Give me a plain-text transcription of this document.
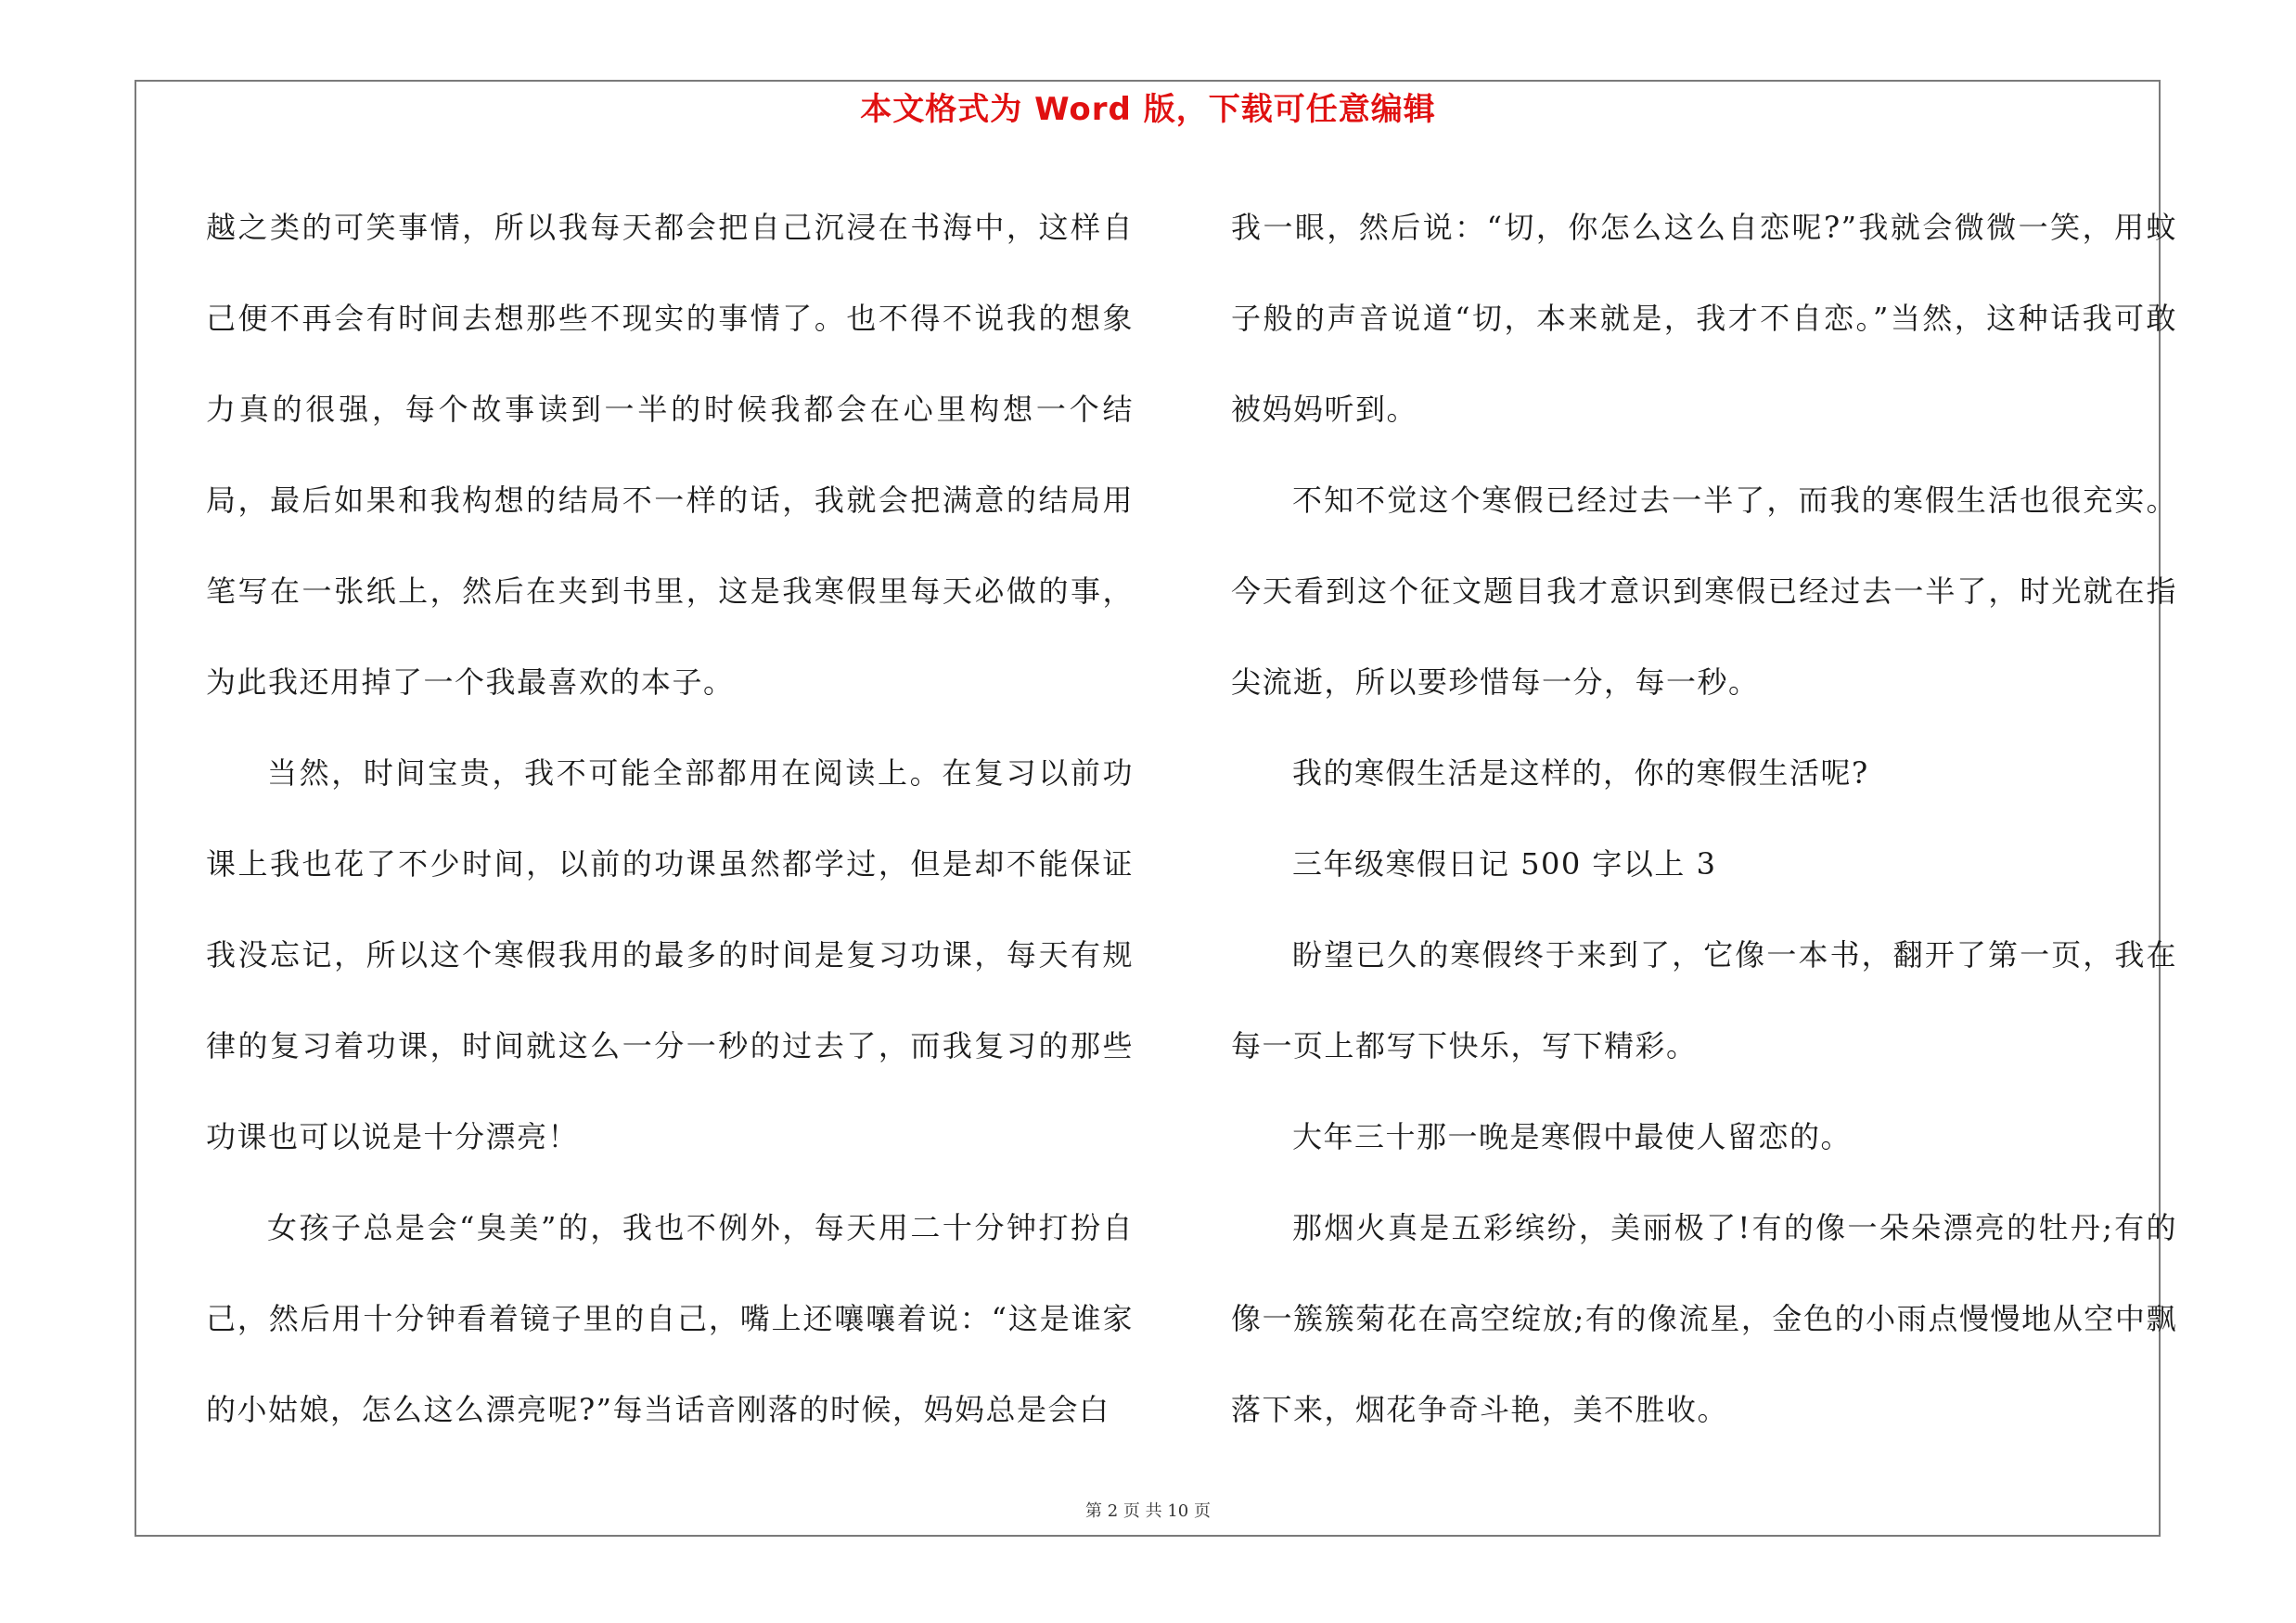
本文格式为 Word 版，下载可任意编辑

越之类的可笑事情，所以我每天都会把自己沉浸在书海中，这样自己便不再会有时间去想那些不现实的事情了。也不得不说我的想象力真的很强，每个故事读到一半的时候我都会在心里构想一个结局，最后如果和我构想的结局不一样的话，我就会把满意的结局用笔写在一张纸上，然后在夹到书里，这是我寒假里每天必做的事，为此我还用掉了一个我最喜欢的本子。

当然，时间宝贵，我不可能全部都用在阅读上。在复习以前功课上我也花了不少时间，以前的功课虽然都学过，但是却不能保证我没忘记，所以这个寒假我用的最多的时间是复习功课，每天有规律的复习着功课，时间就这么一分一秒的过去了，而我复习的那些功课也可以说是十分漂亮！

女孩子总是会“臭美”的，我也不例外，每天用二十分钟打扮自己，然后用十分钟看着镜子里的自己，嘴上还嚷嚷着说：“这是谁家的小姑娘，怎么这么漂亮呢?”每当话音刚落的时候，妈妈总是会白

我一眼，然后说：“切，你怎么这么自恋呢?”我就会微微一笑，用蚊子般的声音说道“切，本来就是，我才不自恋。”当然，这种话我可敢被妈妈听到。

不知不觉这个寒假已经过去一半了，而我的寒假生活也很充实。今天看到这个征文题目我才意识到寒假已经过去一半了，时光就在指尖流逝，所以要珍惜每一分，每一秒。

我的寒假生活是这样的，你的寒假生活呢?

三年级寒假日记 500 字以上 3

盼望已久的寒假终于来到了，它像一本书，翻开了第一页，我在每一页上都写下快乐，写下精彩。

大年三十那一晚是寒假中最使人留恋的。

那烟火真是五彩缤纷，美丽极了!有的像一朵朵漂亮的牡丹;有的像一簇簇菊花在高空绽放;有的像流星，金色的小雨点慢慢地从空中飘落下来，烟花争奇斗艳，美不胜收。

第 2 页 共 10 页
